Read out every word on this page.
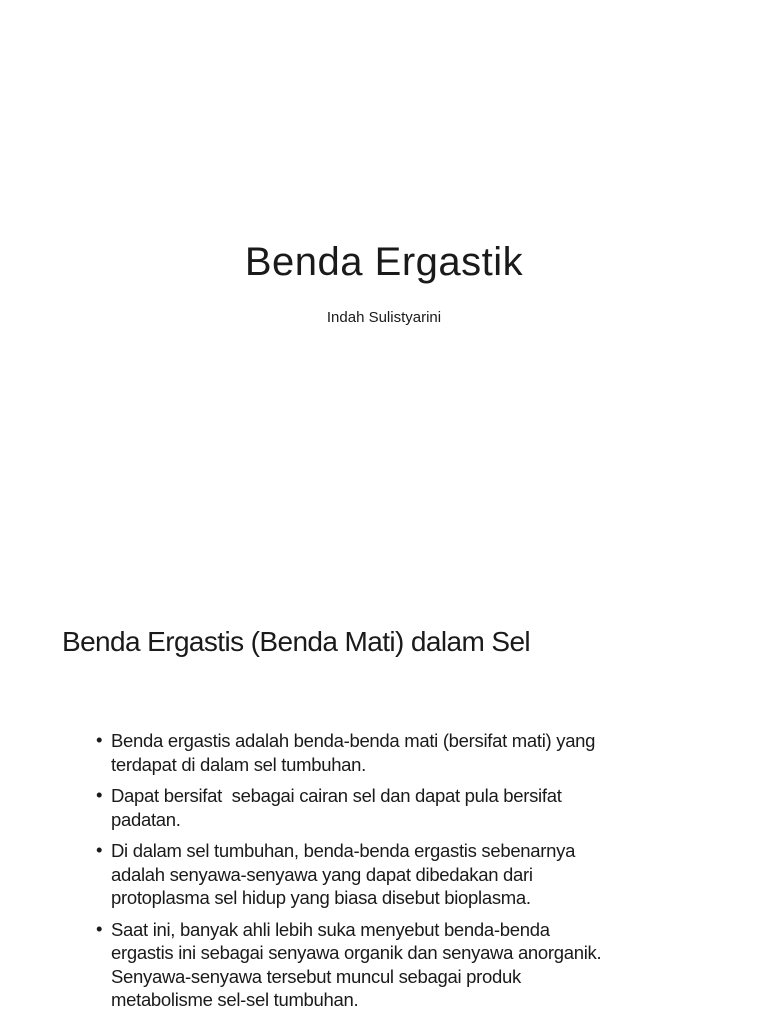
Benda Ergastik
Indah Sulistyarini
Benda Ergastis (Benda Mati) dalam Sel
• Benda ergastis adalah benda-benda mati (bersifat mati) yang
terdapat di dalam sel tumbuhan.
• Dapat bersifat  sebagai cairan sel dan dapat pula bersifat
padatan.
• Di dalam sel tumbuhan, benda-benda ergastis sebenarnya
adalah senyawa-senyawa yang dapat dibedakan dari
protoplasma sel hidup yang biasa disebut bioplasma.
• Saat ini, banyak ahli lebih suka menyebut benda-benda
ergastis ini sebagai senyawa organik dan senyawa anorganik.
Senyawa-senyawa tersebut muncul sebagai produk
metabolisme sel-sel tumbuhan.
